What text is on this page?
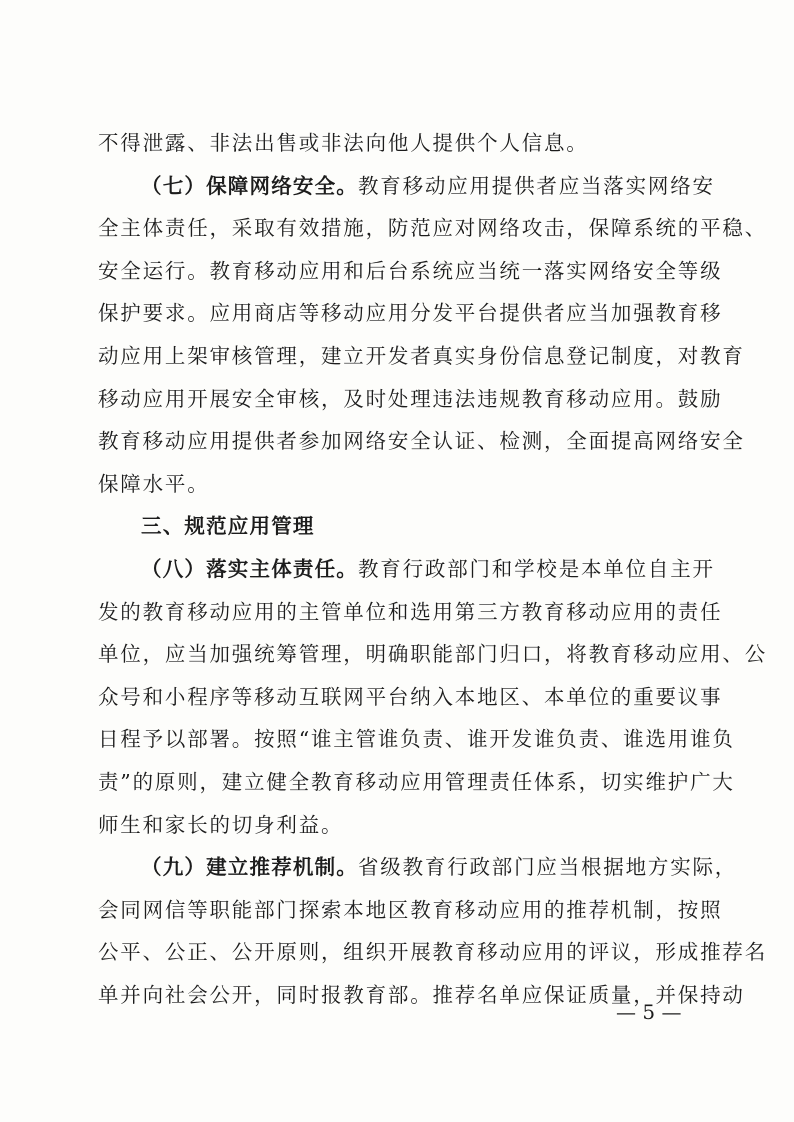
不得泄露、非法出售或非法向他人提供个人信息。
（七）保障网络安全。教育移动应用提供者应当落实网络安
全主体责任，采取有效措施，防范应对网络攻击，保障系统的平稳、
安全运行。教育移动应用和后台系统应当统一落实网络安全等级
保护要求。应用商店等移动应用分发平台提供者应当加强教育移
动应用上架审核管理，建立开发者真实身份信息登记制度，对教育
移动应用开展安全审核，及时处理违法违规教育移动应用。鼓励
教育移动应用提供者参加网络安全认证、检测，全面提高网络安全
保障水平。
三、规范应用管理
（八）落实主体责任。教育行政部门和学校是本单位自主开
发的教育移动应用的主管单位和选用第三方教育移动应用的责任
单位，应当加强统筹管理，明确职能部门归口，将教育移动应用、公
众号和小程序等移动互联网平台纳入本地区、本单位的重要议事
日程予以部署。按照“谁主管谁负责、谁开发谁负责、谁选用谁负
责”的原则，建立健全教育移动应用管理责任体系，切实维护广大
师生和家长的切身利益。
（九）建立推荐机制。省级教育行政部门应当根据地方实际，
会同网信等职能部门探索本地区教育移动应用的推荐机制，按照
公平、公正、公开原则，组织开展教育移动应用的评议，形成推荐名
单并向社会公开，同时报教育部。推荐名单应保证质量，并保持动
— 5 —
